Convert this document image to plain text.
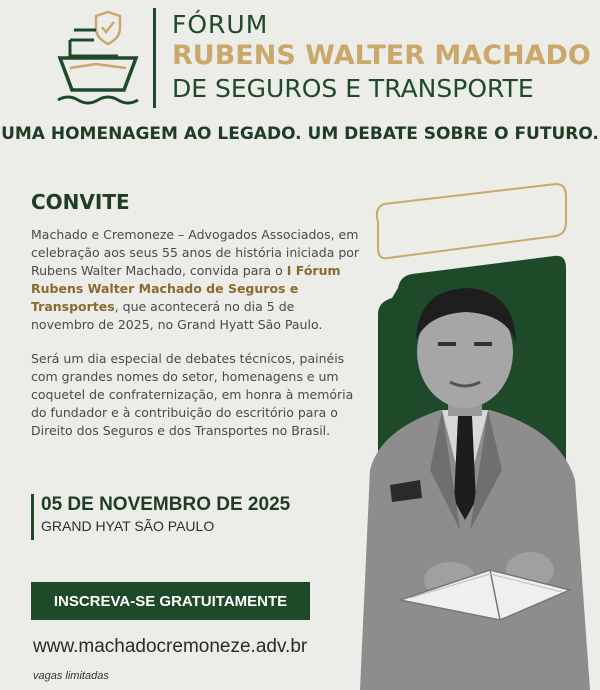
FÓRUM
RUBENS WALTER MACHADO
DE SEGUROS E TRANSPORTE
UMA HOMENAGEM AO LEGADO. UM DEBATE SOBRE O FUTURO.
CONVITE

Machado e Cremoneze – Advogados Associados, em celebração aos seus 55 anos de história iniciada por Rubens Walter Machado, convida para o I Fórum Rubens Walter Machado de Seguros e Transportes, que acontecerá no dia 5 de novembro de 2025, no Grand Hyatt São Paulo.

Será um dia especial de debates técnicos, painéis com grandes nomes do setor, homenagens e um coquetel de confraternização, em honra à memória do fundador e à contribuição do escritório para o Direito dos Seguros e dos Transportes no Brasil.

05 DE NOVEMBRO DE 2025
GRAND HYAT SÃO PAULO
INSCREVA-SE GRATUITAMENTE
www.machadocremoneze.adv.br
vagas limitadas
